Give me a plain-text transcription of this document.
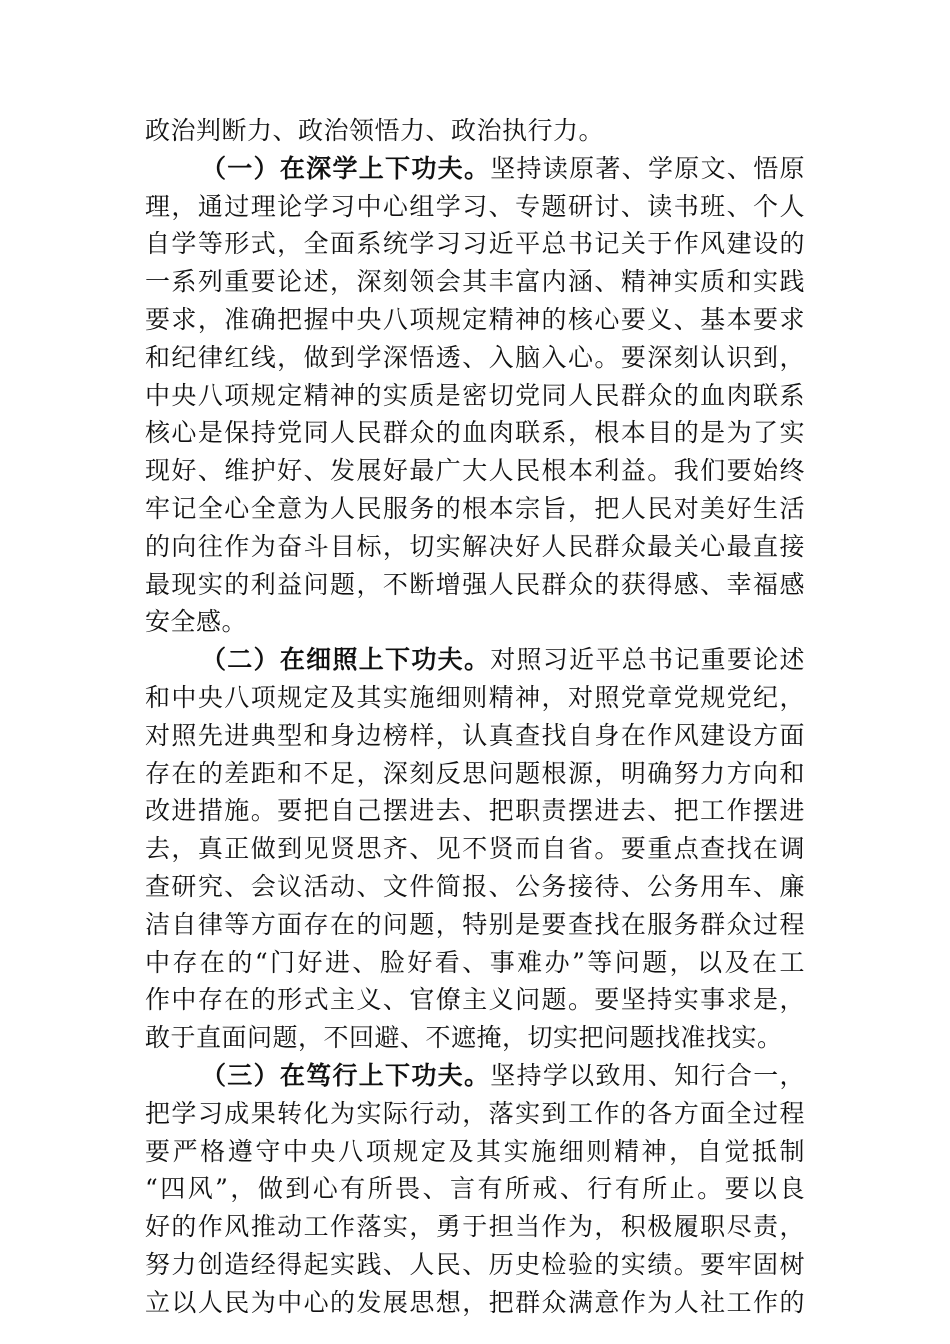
政治判断力、政治领悟力、政治执行力。
（一）在深学上下功夫。坚持读原著、学原文、悟原
理，通过理论学习中心组学习、专题研讨、读书班、个人
自学等形式，全面系统学习习近平总书记关于作风建设的
一系列重要论述，深刻领会其丰富内涵、精神实质和实践
要求，准确把握中央八项规定精神的核心要义、基本要求
和纪律红线，做到学深悟透、入脑入心。要深刻认识到，
中央八项规定精神的实质是密切党同人民群众的血肉联系
核心是保持党同人民群众的血肉联系，根本目的是为了实
现好、维护好、发展好最广大人民根本利益。我们要始终
牢记全心全意为人民服务的根本宗旨，把人民对美好生活
的向往作为奋斗目标，切实解决好人民群众最关心最直接
最现实的利益问题，不断增强人民群众的获得感、幸福感
安全感。
（二）在细照上下功夫。对照习近平总书记重要论述
和中央八项规定及其实施细则精神，对照党章党规党纪，
对照先进典型和身边榜样，认真查找自身在作风建设方面
存在的差距和不足，深刻反思问题根源，明确努力方向和
改进措施。要把自己摆进去、把职责摆进去、把工作摆进
去，真正做到见贤思齐、见不贤而自省。要重点查找在调
查研究、会议活动、文件简报、公务接待、公务用车、廉
洁自律等方面存在的问题，特别是要查找在服务群众过程
中存在的“门好进、脸好看、事难办”等问题，以及在工
作中存在的形式主义、官僚主义问题。要坚持实事求是，
敢于直面问题，不回避、不遮掩，切实把问题找准找实。
（三）在笃行上下功夫。坚持学以致用、知行合一，
把学习成果转化为实际行动，落实到工作的各方面全过程
要严格遵守中央八项规定及其实施细则精神，自觉抵制
“四风”，做到心有所畏、言有所戒、行有所止。要以良
好的作风推动工作落实，勇于担当作为，积极履职尽责，
努力创造经得起实践、人民、历史检验的实绩。要牢固树
立以人民为中心的发展思想，把群众满意作为人社工作的
